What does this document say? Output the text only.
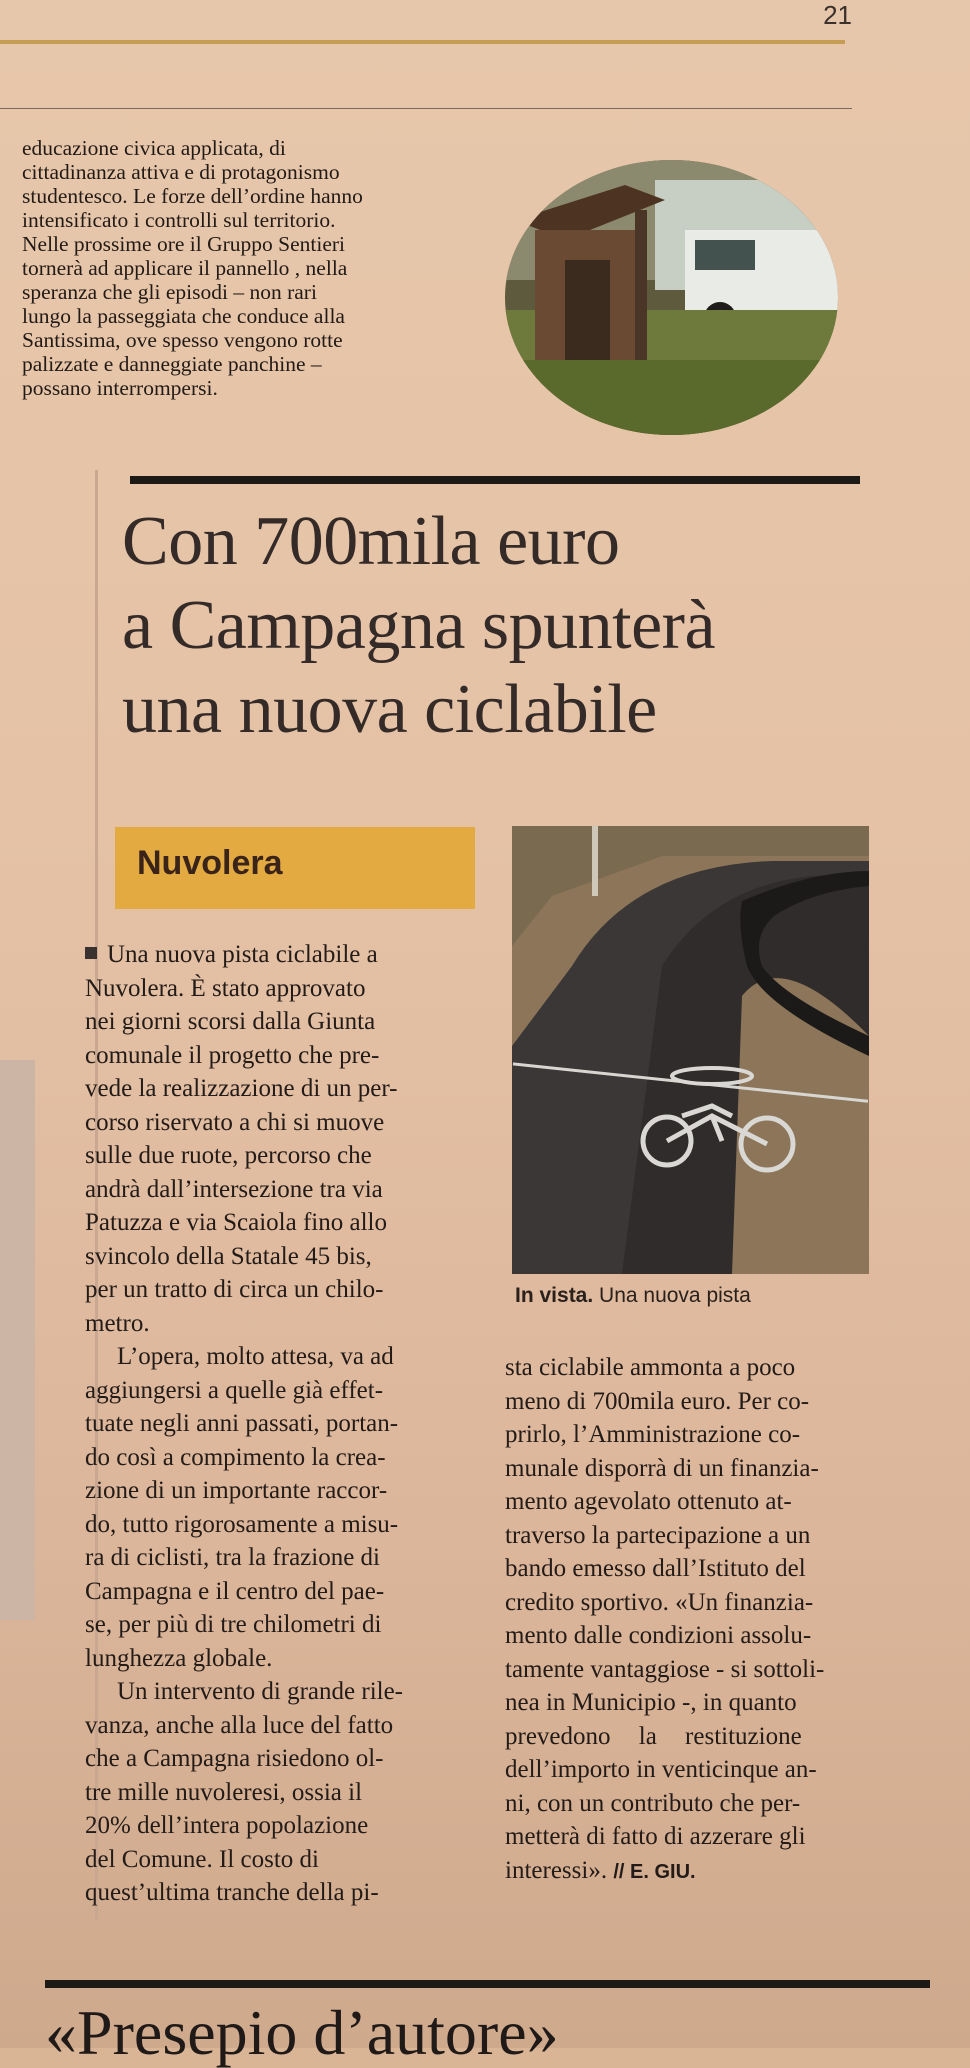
21

educazione civica applicata, di

cittadinanza attiva e di protagonismo

studentesco. Le forze dell’ordine hanno

intensificato i controlli sul territorio.

Nelle prossime ore il Gruppo Sentieri

tornerà ad applicare il pannello , nella

speranza che gli episodi – non rari

lungo la passeggiata che conduce alla

Santissima, ove spesso vengono rotte

palizzate e danneggiate panchine –

possano interrompersi.

Con 700mila euro
a Campagna spunterà
una nuova ciclabile
Nuvolera
In vista. Una nuova pista
Una nuova pista ciclabile a
Nuvolera. È stato approvato
nei giorni scorsi dalla Giunta
comunale il progetto che pre-
vede la realizzazione di un per-
corso riservato a chi si muove
sulle due ruote, percorso che
andrà dall’intersezione tra via
Patuzza e via Scaiola fino allo
svincolo della Statale 45 bis,
per un tratto di circa un chilo-
metro.
L’opera, molto attesa, va ad
aggiungersi a quelle già effet-
tuate negli anni passati, portan-
do così a compimento la crea-
zione di un importante raccor-
do, tutto rigorosamente a misu-
ra di ciclisti, tra la frazione di
Campagna e il centro del pae-
se, per più di tre chilometri di
lunghezza globale.
Un intervento di grande rile-
vanza, anche alla luce del fatto
che a Campagna risiedono ol-
tre mille nuvoleresi, ossia il
20% dell’intera popolazione
del Comune. Il costo di
quest’ultima tranche della pi-
sta ciclabile ammonta a poco
meno di 700mila euro. Per co-
prirlo, l’Amministrazione co-
munale disporrà di un finanzia-
mento agevolato ottenuto at-
traverso la partecipazione a un
bando emesso dall’Istituto del
credito sportivo. «Un finanzia-
mento dalle condizioni assolu-
tamente vantaggiose - si sottoli-
nea in Municipio -, in quanto
prevedono la restituzione
dell’importo in venticinque an-
ni, con un contributo che per-
metterà di fatto di azzerare gli
interessi». // E. GIU.
«Presepio d’autore»
